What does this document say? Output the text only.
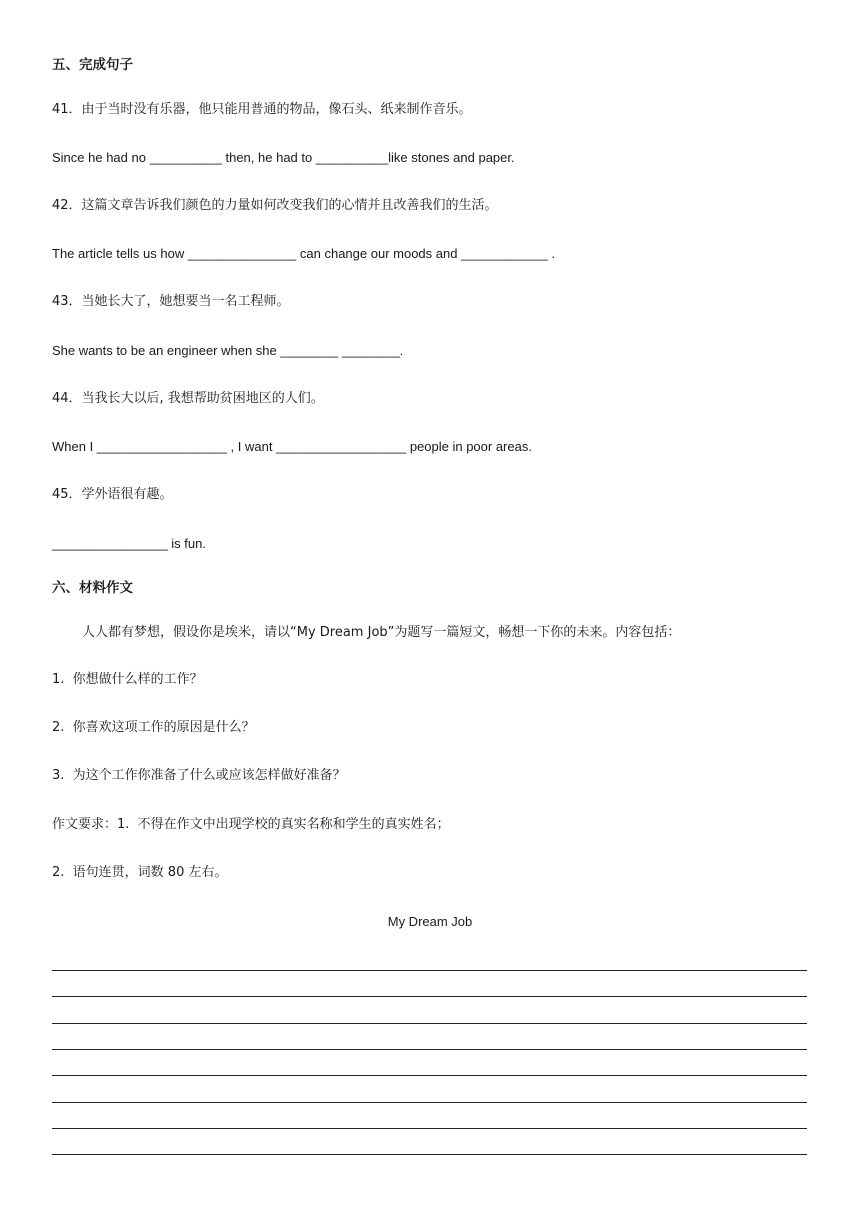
五、完成句子
41．由于当时没有乐器，他只能用普通的物品，像石头、纸来制作音乐。
Since he had no __________ then, he had to __________like stones and paper.
42．这篇文章告诉我们颜色的力量如何改变我们的心情并且改善我们的生活。
The article tells us how _______________ can change our moods and ____________ .
43．当她长大了，她想要当一名工程师。
She wants to be an engineer when she ________ ________.
44．当我长大以后, 我想帮助贫困地区的人们。
When I __________________ , I want __________________ people in poor areas.
45．学外语很有趣。
________________ is fun.
六、材料作文
人人都有梦想，假设你是埃米，请以“My Dream Job”为题写一篇短文，畅想一下你的未来。内容包括：
1.  你想做什么样的工作？
2.  你喜欢这项工作的原因是什么？
3.  为这个工作你准备了什么或应该怎样做好准备？
作文要求：1.  不得在作文中出现学校的真实名称和学生的真实姓名；
2.  语句连贯，词数 80 左右。
My Dream Job
